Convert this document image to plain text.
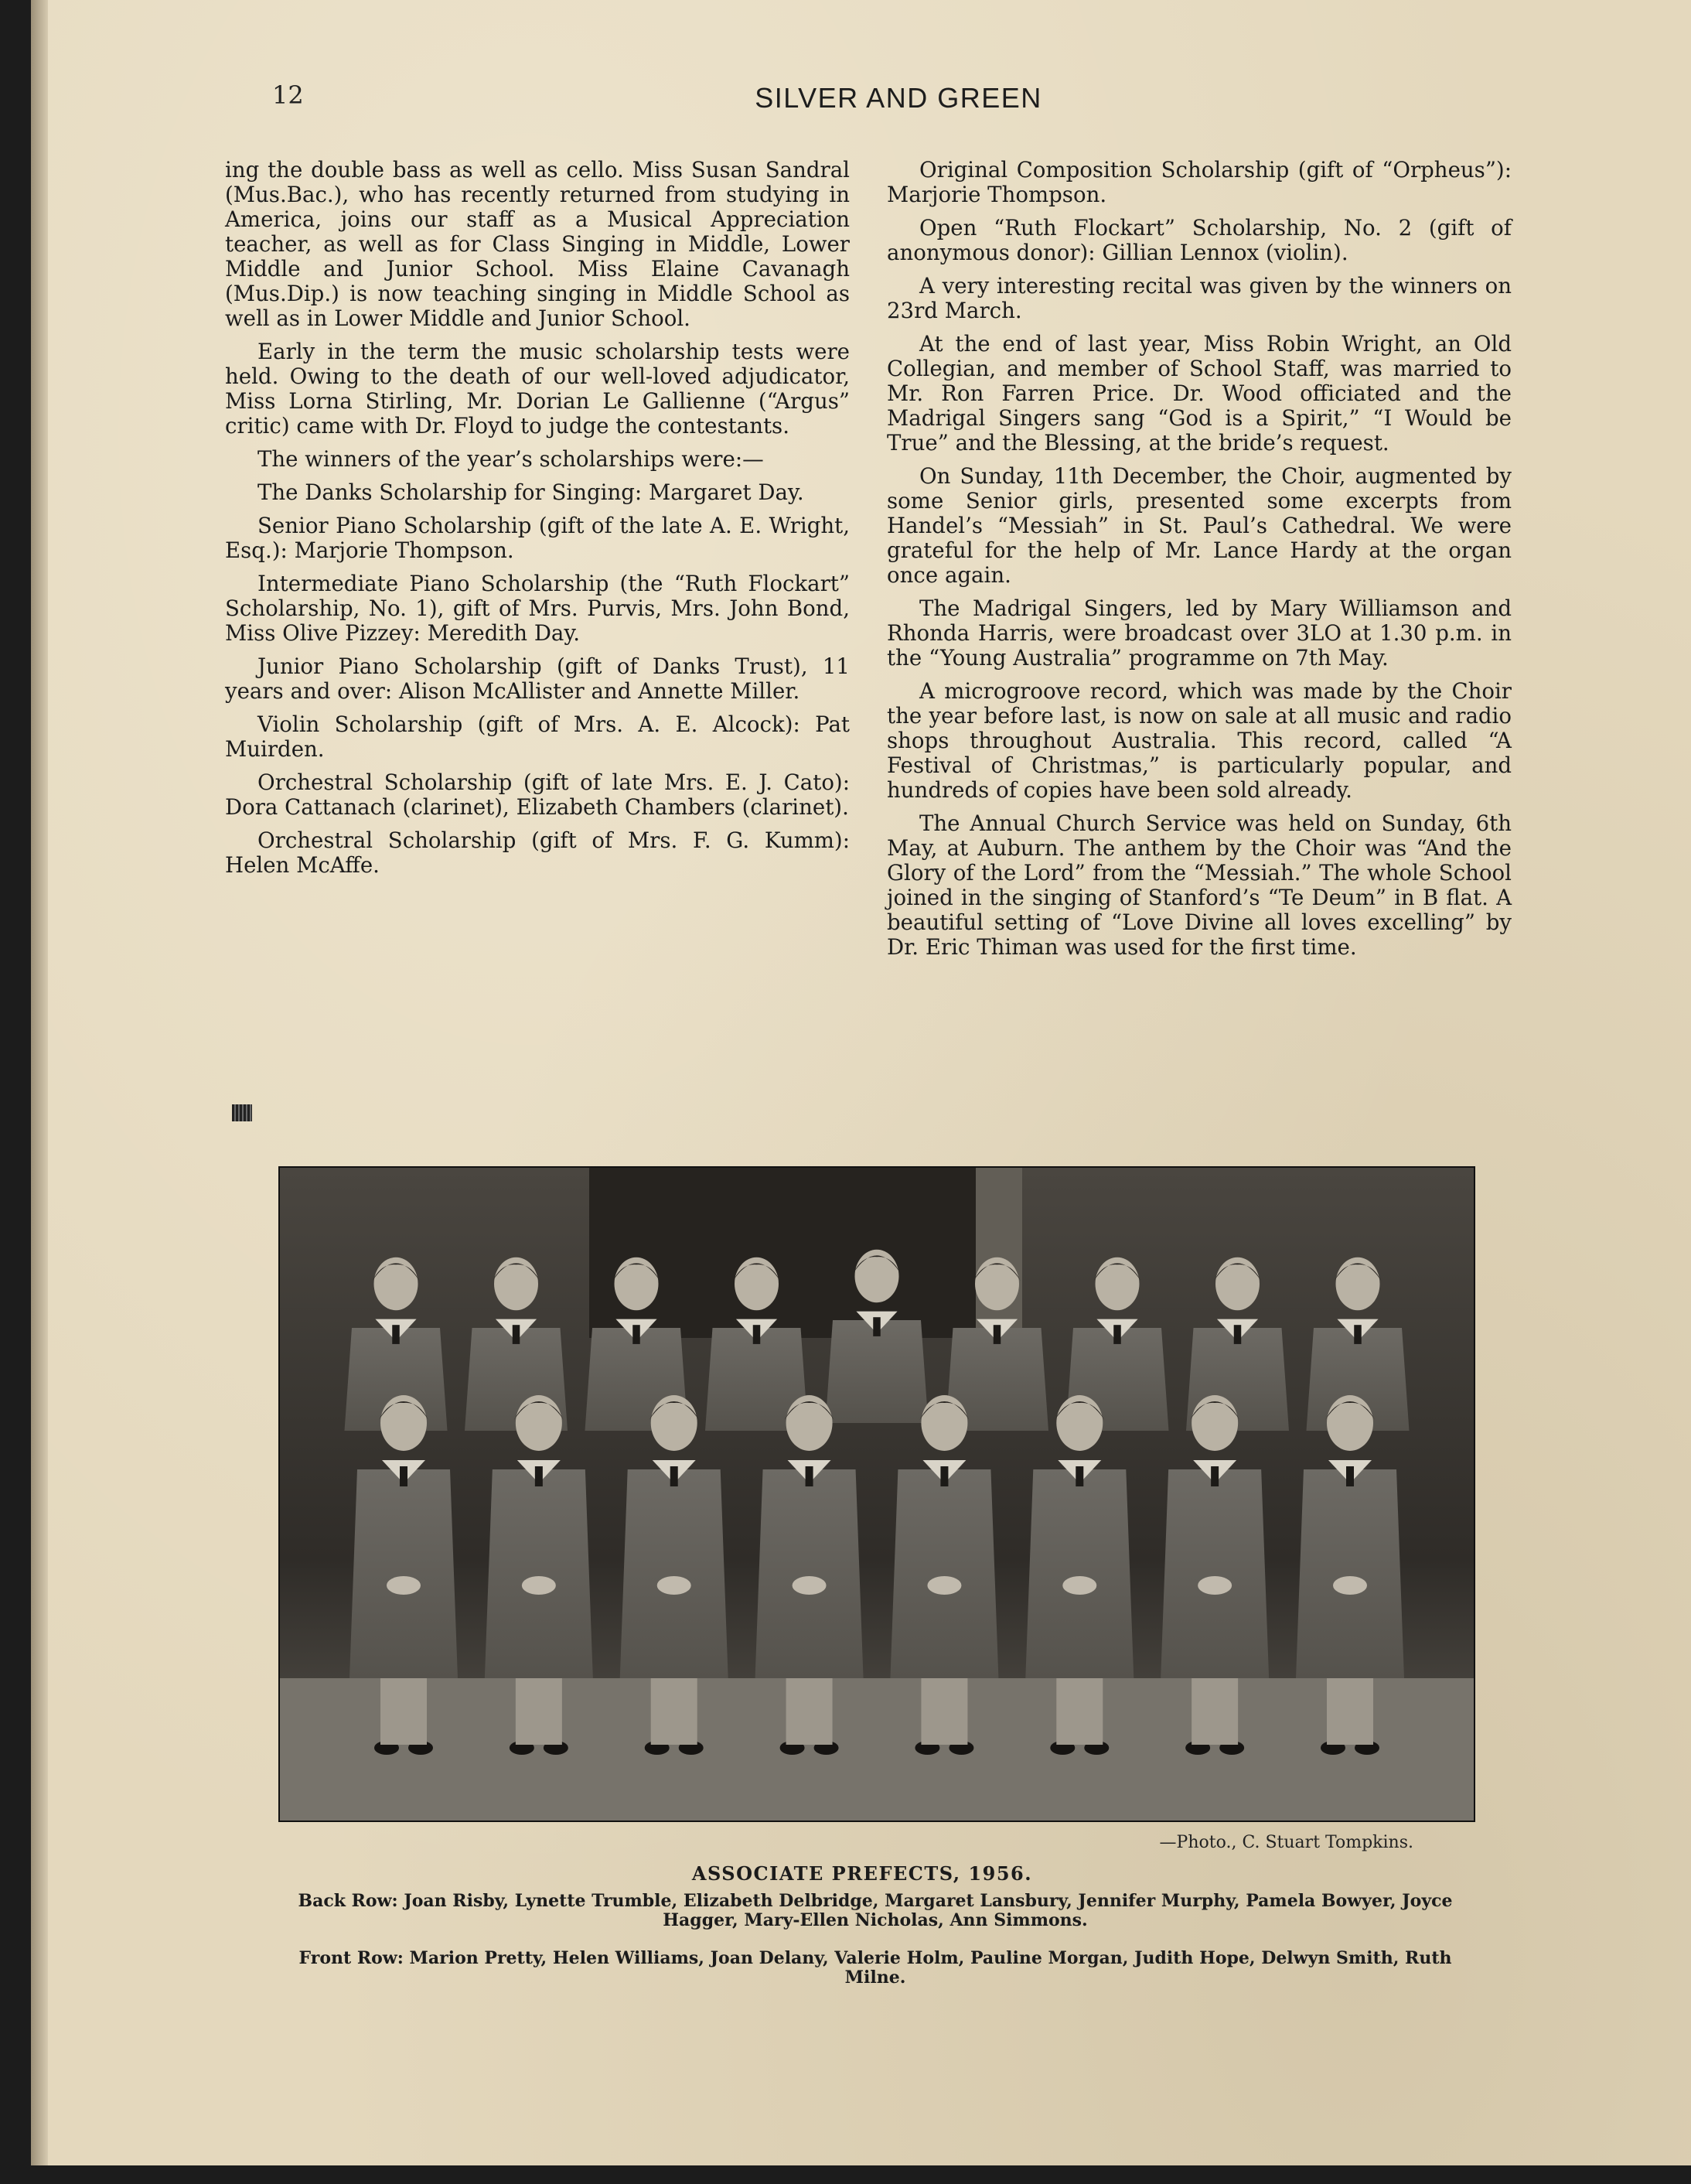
12	SILVER AND GREEN

ing the double bass as well as cello. Miss Susan Sandral (Mus.Bac.), who has recently returned from studying in America, joins our staff as a Musical Appreciation teacher, as well as for Class Singing in Middle, Lower Middle and Junior School. Miss Elaine Cavanagh (Mus.Dip.) is now teaching singing in Middle School as well as in Lower Middle and Junior School.

Early in the term the music scholarship tests were held. Owing to the death of our well-loved adjudicator, Miss Lorna Stirling, Mr. Dorian Le Gallienne (“Argus” critic) came with Dr. Floyd to judge the contestants.

The winners of the year’s scholarships were:—

The Danks Scholarship for Singing: Margaret Day.

Senior Piano Scholarship (gift of the late A. E. Wright, Esq.): Marjorie Thompson.

Intermediate Piano Scholarship (the “Ruth Flockart” Scholarship, No. 1), gift of Mrs. Purvis, Mrs. John Bond, Miss Olive Pizzey: Meredith Day.

Junior Piano Scholarship (gift of Danks Trust), 11 years and over: Alison McAllister and Annette Miller.

Violin Scholarship (gift of Mrs. A. E. Alcock): Pat Muirden.

Orchestral Scholarship (gift of late Mrs. E. J. Cato): Dora Cattanach (clarinet), Elizabeth Chambers (clarinet).

Orchestral Scholarship (gift of Mrs. F. G. Kumm): Helen McAffe.

Original Composition Scholarship (gift of “Orpheus”): Marjorie Thompson.

Open “Ruth Flockart” Scholarship, No. 2 (gift of anonymous donor): Gillian Lennox (violin).

A very interesting recital was given by the winners on 23rd March.

At the end of last year, Miss Robin Wright, an Old Collegian, and member of School Staff, was married to Mr. Ron Farren Price. Dr. Wood officiated and the Madrigal Singers sang “God is a Spirit,” “I Would be True” and the Blessing, at the bride’s request.

On Sunday, 11th December, the Choir, augmented by some Senior girls, presented some excerpts from Handel’s “Messiah” in St. Paul’s Cathedral. We were grateful for the help of Mr. Lance Hardy at the organ once again.

The Madrigal Singers, led by Mary Williamson and Rhonda Harris, were broadcast over 3LO at 1.30 p.m. in the “Young Australia” programme on 7th May.

A microgroove record, which was made by the Choir the year before last, is now on sale at all music and radio shops throughout Australia. This record, called “A Festival of Christmas,” is particularly popular, and hundreds of copies have been sold already.

The Annual Church Service was held on Sunday, 6th May, at Auburn. The anthem by the Choir was “And the Glory of the Lord” from the “Messiah.” The whole School joined in the singing of Stanford’s “Te Deum” in B flat. A beautiful setting of “Love Divine all loves excelling” by Dr. Eric Thiman was used for the first time.

—Photo., C. Stuart Tompkins.
ASSOCIATE PREFECTS, 1956.
Back Row: Joan Risby, Lynette Trumble, Elizabeth Delbridge, Margaret Lansbury, Jennifer Murphy, Pamela Bowyer, Joyce Hagger, Mary-Ellen Nicholas, Ann Simmons.
Front Row: Marion Pretty, Helen Williams, Joan Delany, Valerie Holm, Pauline Morgan, Judith Hope, Delwyn Smith, Ruth Milne.
